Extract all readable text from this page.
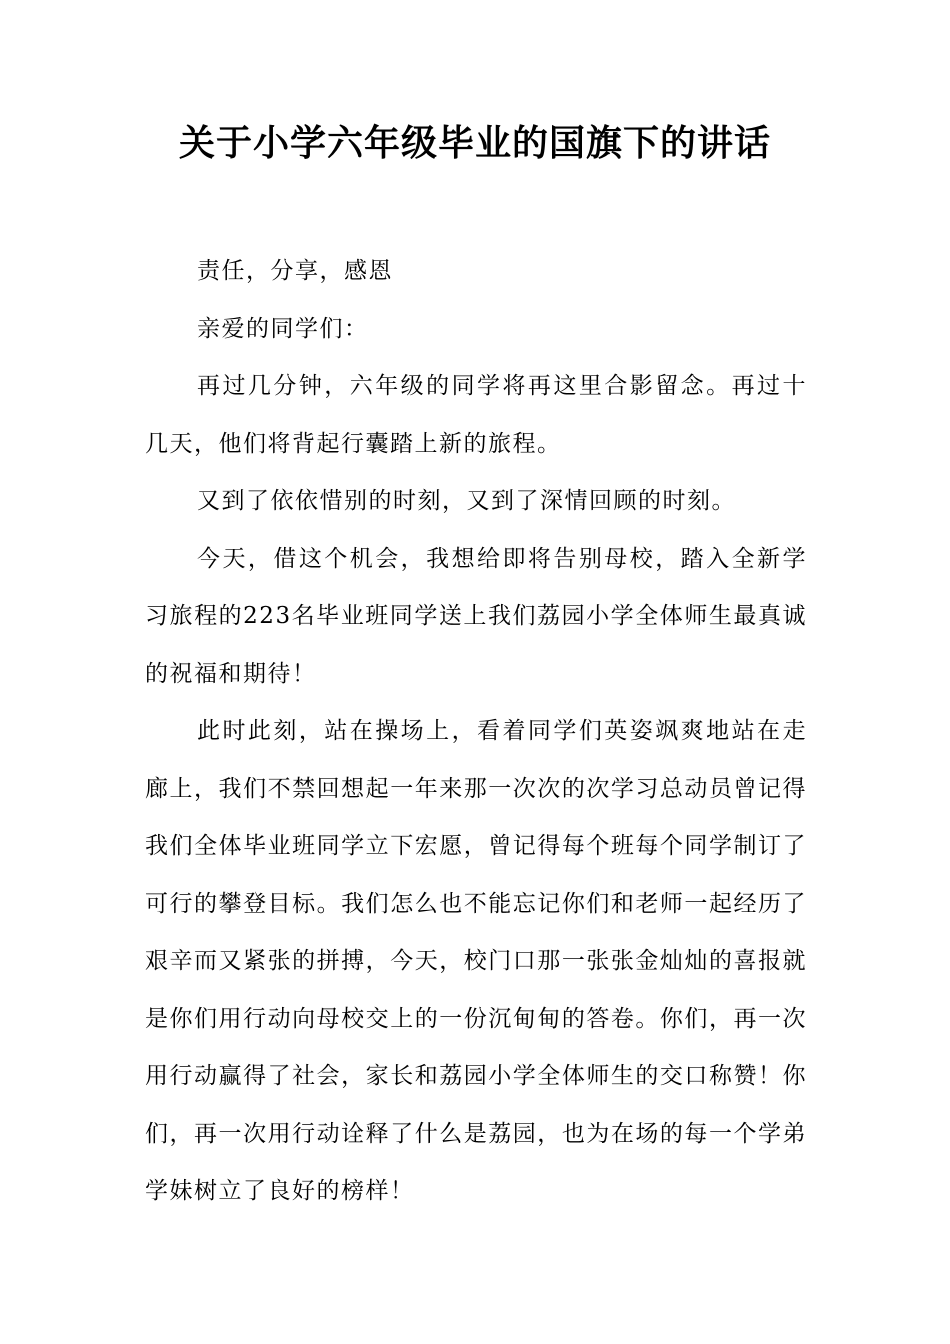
关于小学六年级毕业的国旗下的讲话

责任，分享，感恩

亲爱的同学们：

再过几分钟，六年级的同学将再这里合影留念。再过十几天，他们将背起行囊踏上新的旅程。

又到了依依惜别的时刻，又到了深情回顾的时刻。

今天，借这个机会，我想给即将告别母校，踏入全新学习旅程的223名毕业班同学送上我们荔园小学全体师生最真诚的祝福和期待！

此时此刻，站在操场上，看着同学们英姿飒爽地站在走廊上，我们不禁回想起一年来那一次次的次学习总动员曾记得我们全体毕业班同学立下宏愿，曾记得每个班每个同学制订了可行的攀登目标。我们怎么也不能忘记你们和老师一起经历了艰辛而又紧张的拼搏，今天，校门口那一张张金灿灿的喜报就是你们用行动向母校交上的一份沉甸甸的答卷。你们，再一次用行动赢得了社会，家长和荔园小学全体师生的交口称赞！你们，再一次用行动诠释了什么是荔园，也为在场的每一个学弟学妹树立了良好的榜样！
